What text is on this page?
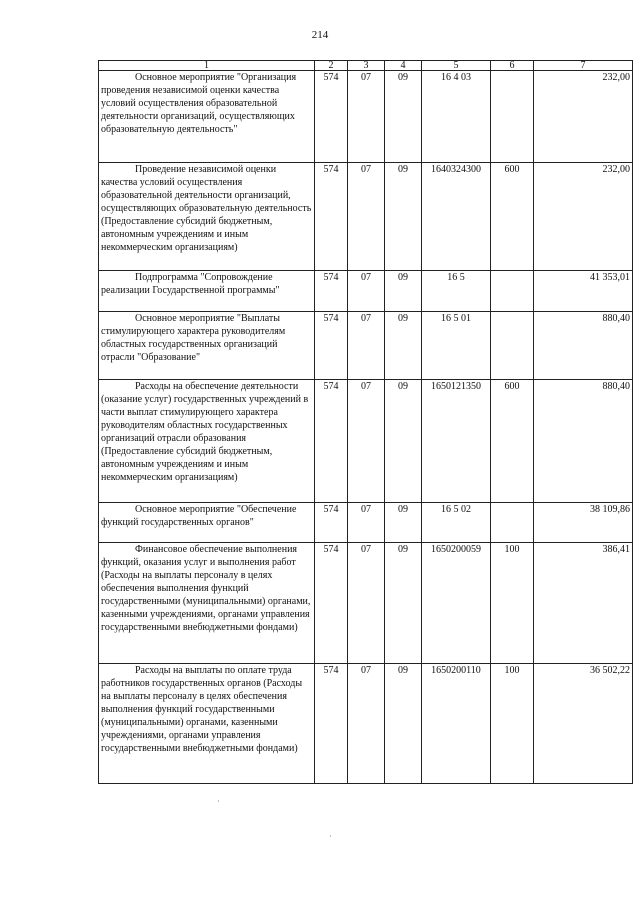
214
1	2	3	4	5	6	7

Основное мероприятие "Организация проведения независимой оценки качества условий осуществления образовательной деятельности организаций, осуществляющих образовательную деятельность"	574	07	09	16 4 03		232,00

Проведение независимой оценки качества условий осуществления образовательной деятельности организаций, осуществляющих образовательную деятельность (Предоставление субсидий бюджетным, автономным учреждениям и иным некоммерческим организациям)	574	07	09	1640324300	600	232,00

Подпрограмма "Сопровождение реализации Государственной программы"	574	07	09	16 5		41 353,01

Основное мероприятие "Выплаты стимулирующего характера руководителям областных государственных организаций отрасли "Образование"	574	07	09	16 5 01		880,40

Расходы на обеспечение деятельности (оказание услуг) государственных учреждений в части выплат стимулирующего характера руководителям областных государственных организаций отрасли образования (Предоставление субсидий бюджетным, автономным учреждениям и иным некоммерческим организациям)	574	07	09	1650121350	600	880,40

Основное мероприятие "Обеспечение функций государственных органов"	574	07	09	16 5 02		38 109,86

Финансовое обеспечение выполнения функций, оказания услуг и выполнения работ (Расходы на выплаты персоналу в целях обеспечения выполнения функций государственными (муниципальными) органами, казенными учреждениями, органами управления государственными внебюджетными фондами)	574	07	09	1650200059	100	386,41

Расходы на выплаты по оплате труда работников государственных органов (Расходы на выплаты персоналу в целях обеспечения выполнения функций государственными (муниципальными) органами, казенными учреждениями, органами управления государственными внебюджетными фондами)	574	07	09	1650200110	100	36 502,22
·
·
